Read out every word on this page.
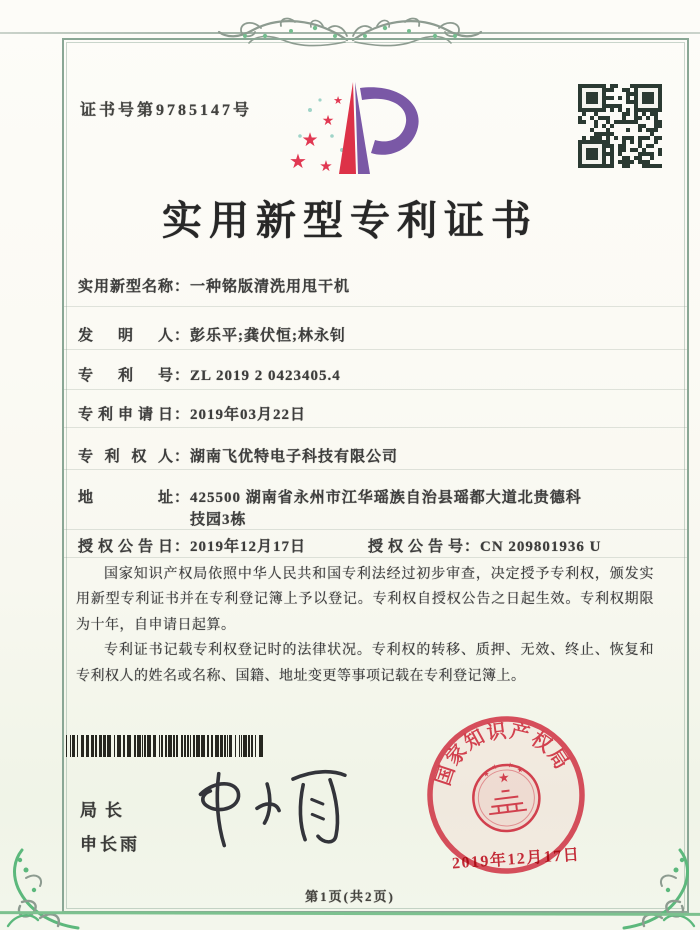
证书号第9785147号
★
★
★ ★
★
实用新型专利证书
实用新型名称：一种铭版清洗用甩干机
发明人：彭乐平;龚伏恒;林永钊
专利号：ZL 2019 2 0423405.4
专利申请日：2019年03月22日
专利权人：湖南飞优特电子科技有限公司
地址：425500 湖南省永州市江华瑶族自治县瑶都大道北贵德科技园3栋
授权公告日：2019年12月17日	授权公告号：CN 209801936 U

国家知识产权局依照中华人民共和国专利法经过初步审查，决定授予专利权，颁发实用新型专利证书并在专利登记簿上予以登记。专利权自授权公告之日起生效。专利权期限为十年，自申请日起算。

专利证书记载专利权登记时的法律状况。专利权的转移、质押、无效、终止、恢复和专利权人的姓名或名称、国籍、地址变更等事项记载在专利登记簿上。

局长
申长雨
国家知识产权局
★
★
★ ★
★
2019年12月17日
第1页(共2页)
